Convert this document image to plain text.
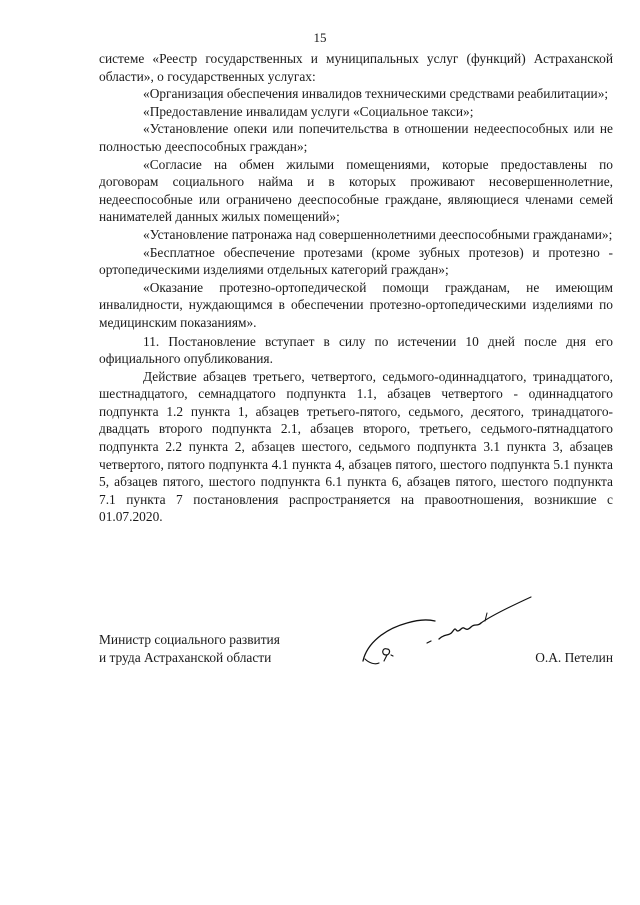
15

системе «Реестр государственных и муниципальных услуг (функций) Астраханской области», о государственных услугах:

«Организация обеспечения инвалидов техническими средствами реабилитации»;

«Предоставление инвалидам услуги «Социальное такси»;

«Установление опеки или попечительства в отношении недееспособных или не полностью дееспособных граждан»;

«Согласие на обмен жилыми помещениями, которые предоставлены по договорам социального найма и в которых проживают несовершеннолетние, недееспособные или ограничено дееспособные граждане, являющиеся членами семей нанимателей данных жилых помещений»;

«Установление патронажа над совершеннолетними дееспособными гражданами»;

«Бесплатное обеспечение протезами (кроме зубных протезов) и протезно - ортопедическими изделиями отдельных категорий граждан»;

«Оказание протезно-ортопедической помощи гражданам, не имеющим инвалидности, нуждающимся в обеспечении протезно-ортопедическими изделиями по медицинским показаниям».

11. Постановление вступает в силу по истечении 10 дней после дня его официального опубликования.

Действие абзацев третьего, четвертого, седьмого-одиннадцатого, тринадцатого, шестнадцатого, семнадцатого подпункта 1.1, абзацев четвертого - одиннадцатого подпункта 1.2 пункта 1, абзацев третьего-пятого, седьмого, десятого, тринадцатого-двадцать второго подпункта 2.1, абзацев второго, третьего, седьмого-пятнадцатого подпункта 2.2 пункта 2, абзацев шестого, седьмого подпункта 3.1 пункта 3, абзацев четвертого, пятого подпункта 4.1 пункта 4, абзацев пятого, шестого подпункта 5.1 пункта 5, абзацев пятого, шестого подпункта 6.1 пункта 6, абзацев пятого, шестого подпункта 7.1 пункта 7 постановления распространяется на правоотношения, возникшие с 01.07.2020.

Министр социального развития
и труда Астраханской области	О.А. Петелин
